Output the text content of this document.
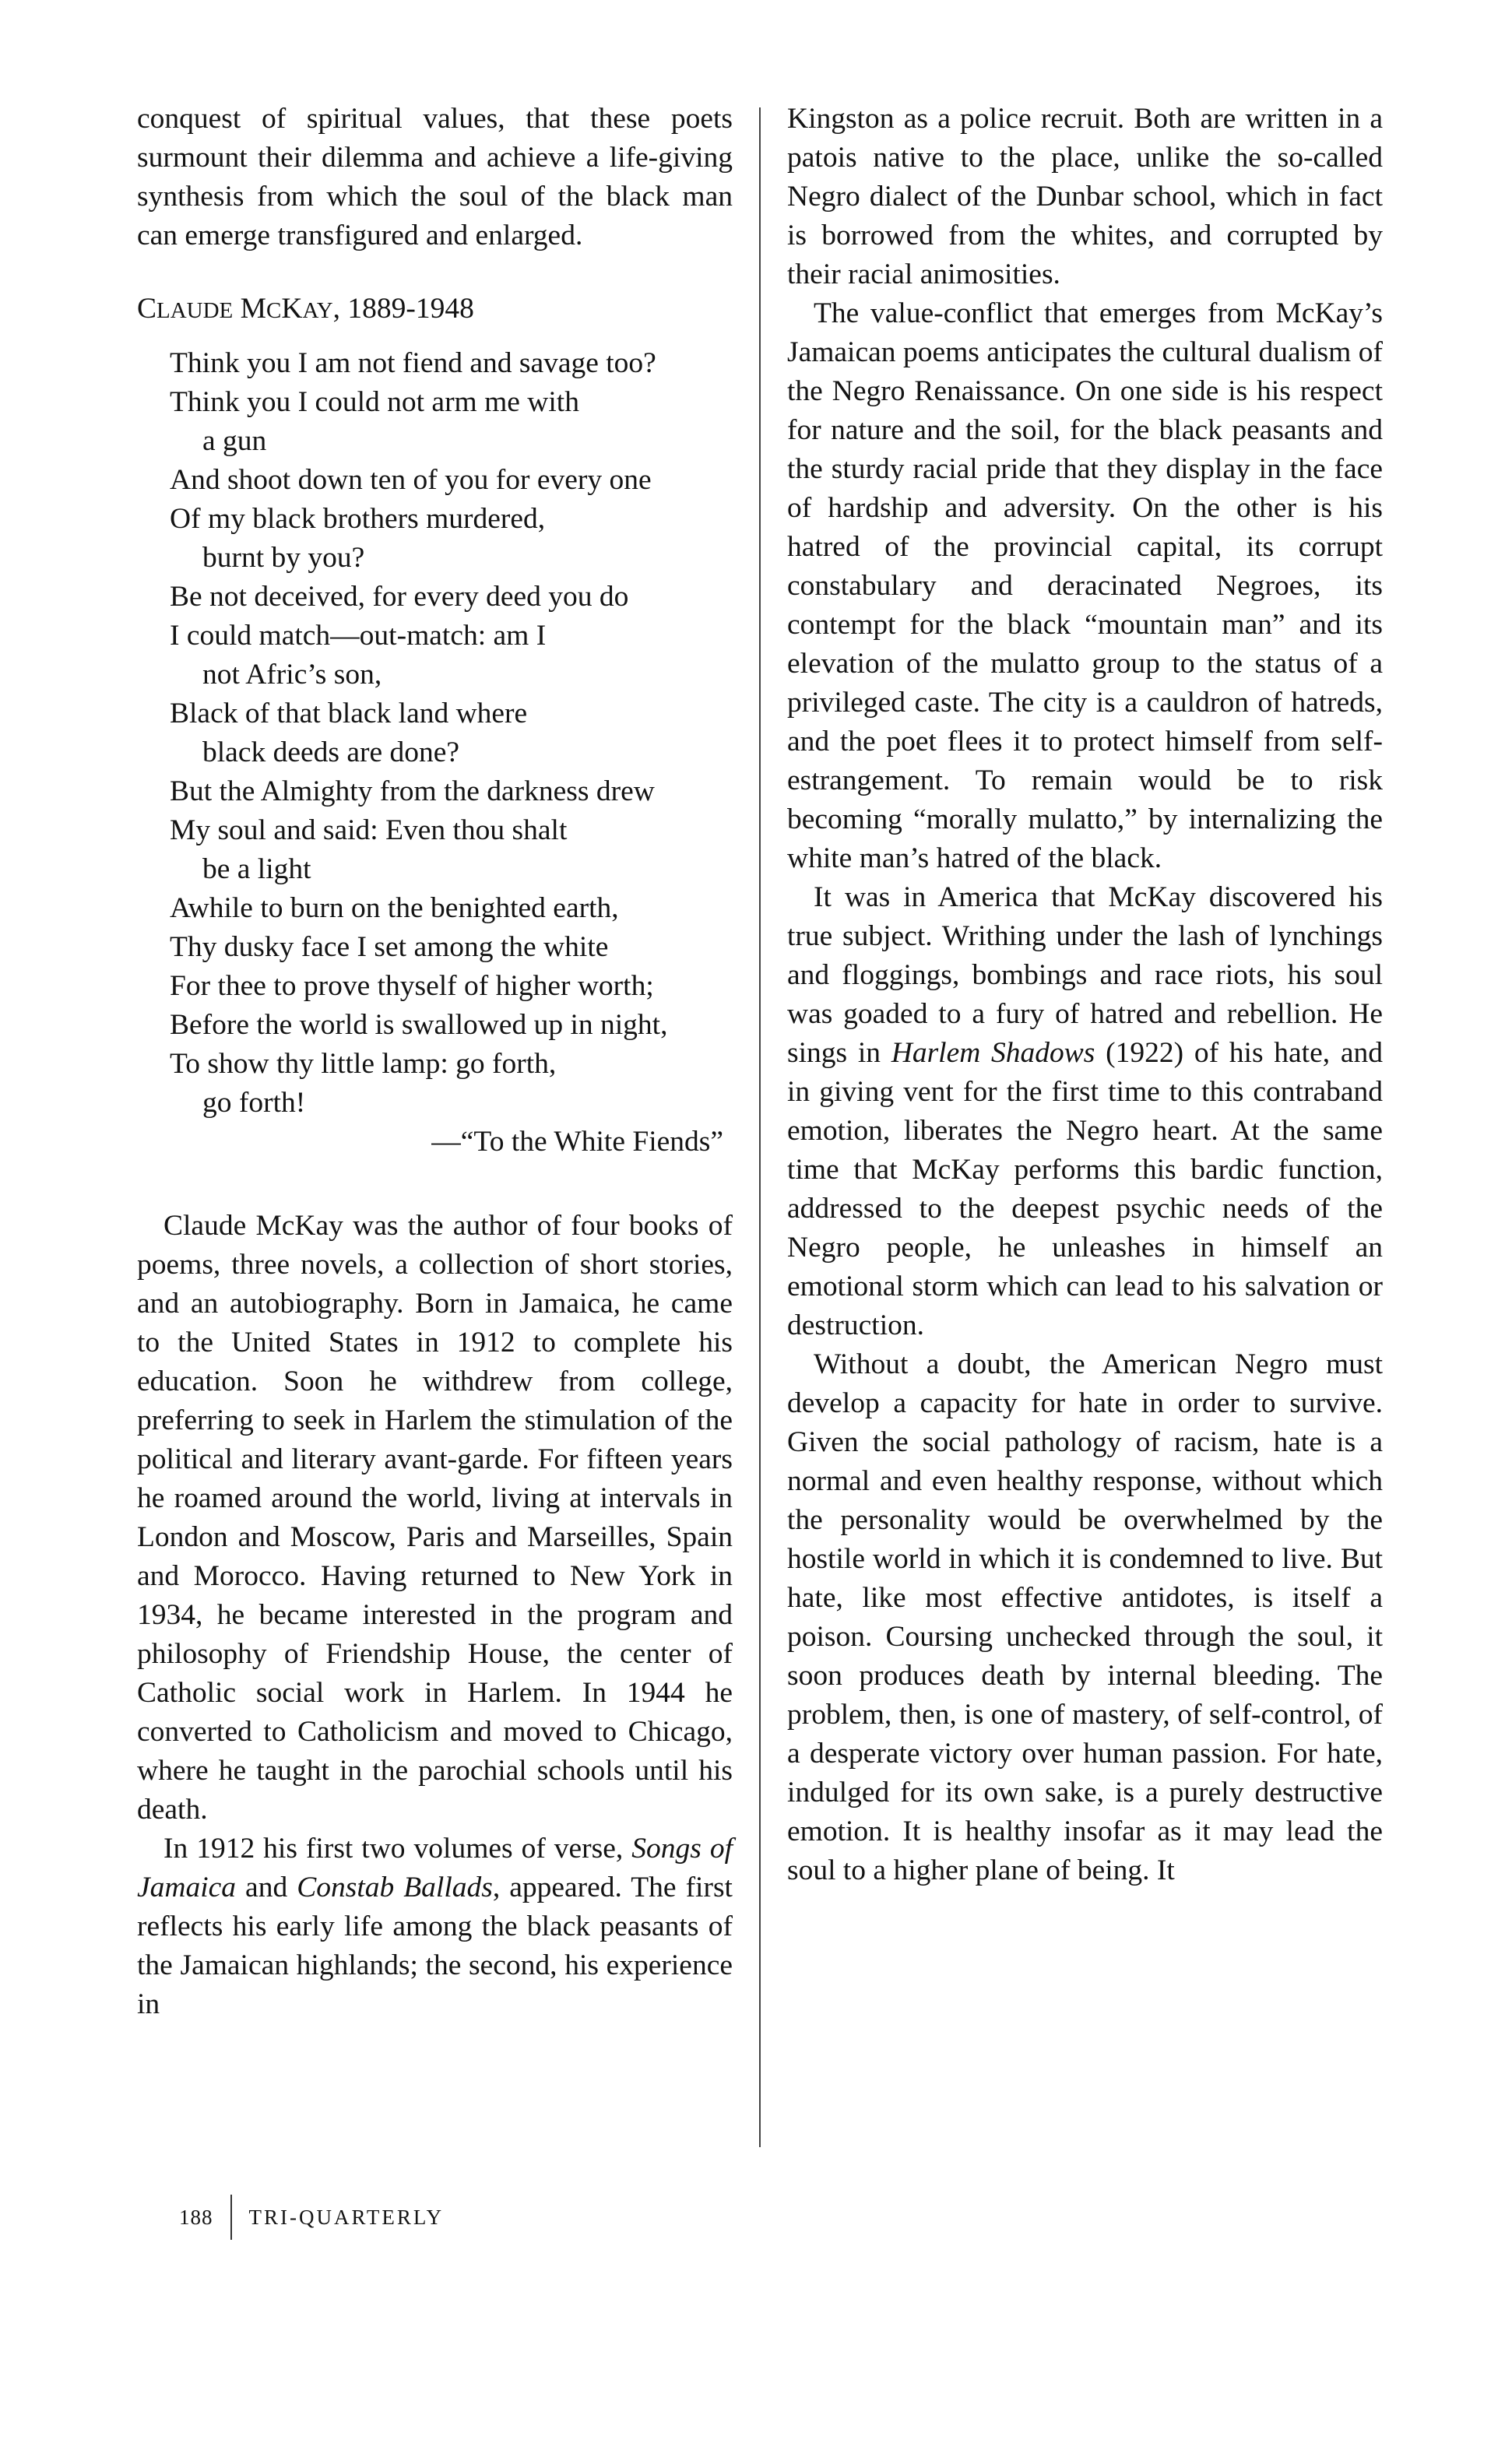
conquest of spiritual values, that these poets surmount their dilemma and achieve a life-giving synthesis from which the soul of the black man can emerge transfigured and enlarged.

CLAUDE MCKAY, 1889-1948
Think you I am not fiend and savage too?
Think you I could not arm me with
a gun
And shoot down ten of you for every one
Of my black brothers murdered,
burnt by you?
Be not deceived, for every deed you do
I could match—out-match: am I
not Afric’s son,
Black of that black land where
black deeds are done?
But the Almighty from the darkness drew
My soul and said: Even thou shalt
be a light
Awhile to burn on the benighted earth,
Thy dusky face I set among the white
For thee to prove thyself of higher worth;
Before the world is swallowed up in night,
To show thy little lamp: go forth,
go forth!
—“To the White Fiends”

Claude McKay was the author of four books of poems, three novels, a collection of short stories, and an autobiography. Born in Jamaica, he came to the United States in 1912 to complete his education. Soon he withdrew from college, preferring to seek in Harlem the stimulation of the political and literary avant-garde. For fifteen years he roamed around the world, living at intervals in London and Moscow, Paris and Marseilles, Spain and Morocco. Having returned to New York in 1934, he became interested in the program and philosophy of Friendship House, the center of Catholic social work in Harlem. In 1944 he converted to Catholicism and moved to Chicago, where he taught in the parochial schools until his death.

In 1912 his first two volumes of verse, Songs of Jamaica and Constab Ballads, appeared. The first reflects his early life among the black peasants of the Jamaican highlands; the second, his experience in

Kingston as a police recruit. Both are written in a patois native to the place, unlike the so-called Negro dialect of the Dunbar school, which in fact is borrowed from the whites, and corrupted by their racial animosities.

The value-conflict that emerges from McKay’s Jamaican poems anticipates the cultural dualism of the Negro Renaissance. On one side is his respect for nature and the soil, for the black peasants and the sturdy racial pride that they display in the face of hardship and adversity. On the other is his hatred of the provincial capital, its corrupt constabulary and deracinated Negroes, its contempt for the black “mountain man” and its elevation of the mulatto group to the status of a privileged caste. The city is a cauldron of hatreds, and the poet flees it to protect himself from self-estrangement. To remain would be to risk becoming “morally mulatto,” by internalizing the white man’s hatred of the black.

It was in America that McKay discovered his true subject. Writhing under the lash of lynchings and floggings, bombings and race riots, his soul was goaded to a fury of hatred and rebellion. He sings in Harlem Shadows (1922) of his hate, and in giving vent for the first time to this contraband emotion, liberates the Negro heart. At the same time that McKay performs this bardic function, addressed to the deepest psychic needs of the Negro people, he unleashes in himself an emotional storm which can lead to his salvation or destruction.

Without a doubt, the American Negro must develop a capacity for hate in order to survive. Given the social pathology of racism, hate is a normal and even healthy response, without which the personality would be overwhelmed by the hostile world in which it is condemned to live. But hate, like most effective antidotes, is itself a poison. Coursing unchecked through the soul, it soon produces death by internal bleeding. The problem, then, is one of mastery, of self-control, of a desperate victory over human passion. For hate, indulged for its own sake, is a purely destructive emotion. It is healthy insofar as it may lead the soul to a higher plane of being. It

188 TRI-QUARTERLY
